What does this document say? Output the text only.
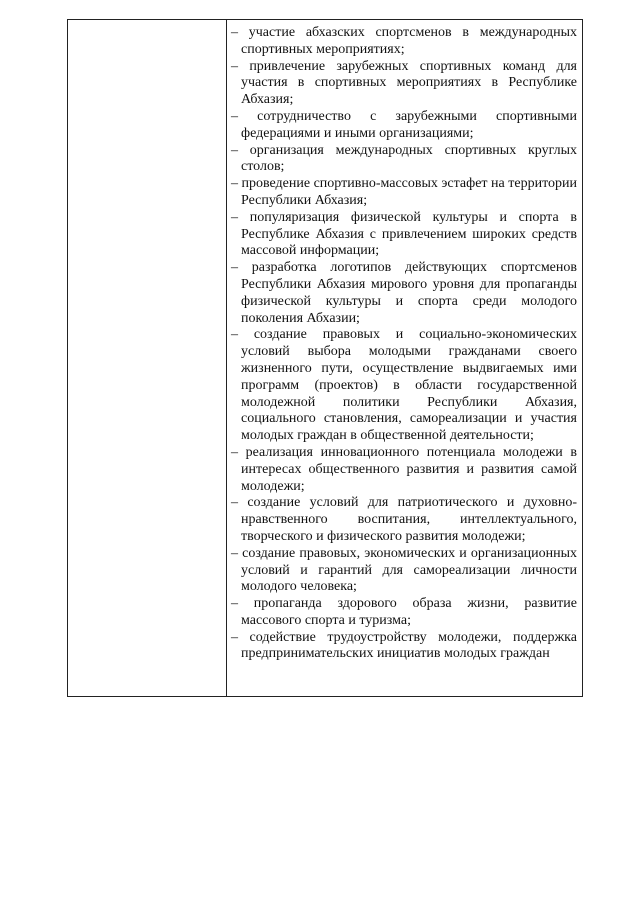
– участие абхазских спортсменов в международных спортивных мероприятиях;

– привлечение зарубежных спортивных команд для участия в спортивных мероприятиях в Республике Абхазия;

– сотрудничество с зарубежными спортивными федерациями и иными организациями;

– организация международных спортивных круглых столов;

– проведение спортивно-массовых эстафет на территории Республики Абхазия;

– популяризация физической культуры и спорта в Республике Абхазия с привлечением широких средств массовой информации;

– разработка логотипов действующих спортсменов Республики Абхазия мирового уровня для пропаганды физической культуры и спорта среди молодого поколения Абхазии;

– создание правовых и социально-экономических условий выбора молодыми гражданами своего жизненного пути, осуществление выдвигаемых ими программ (проектов) в области государственной молодежной политики Республики Абхазия, социального становления, самореализации и участия молодых граждан в общественной деятельности;

– реализация инновационного потенциала молодежи в интересах общественного развития и развития самой молодежи;

– создание условий для патриотического и духовно-нравственного воспитания, интеллектуального, творческого и физического развития молодежи;

– создание правовых, экономических и организационных условий и гарантий для самореализации личности молодого человека;

– пропаганда здорового образа жизни, развитие массового спорта и туризма;

– содействие трудоустройству молодежи, поддержка предпринимательских инициатив молодых граждан
